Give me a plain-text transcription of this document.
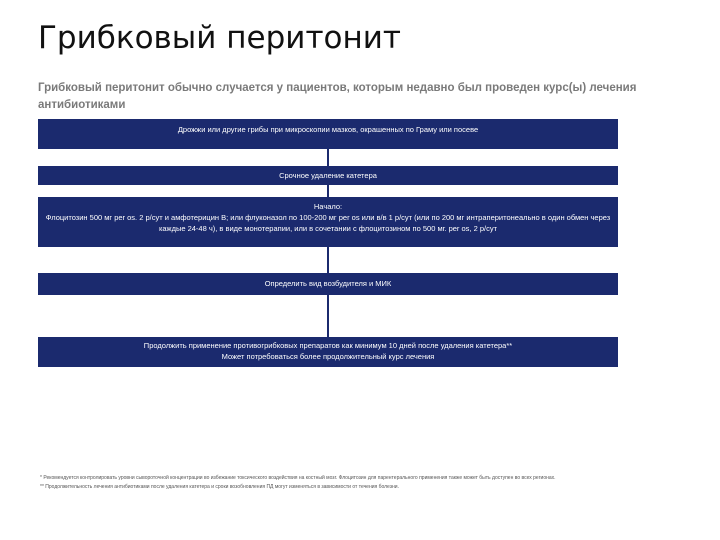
Грибковый перитонит
Грибковый перитонит обычно случается у пациентов, которым недавно был проведен курс(ы) лечения антибиотиками
Дрожжи или другие грибы при микроскопии мазков, окрашенных по Граму или посеве
Срочное удаление катетера
Начало:
Флоцитозин 500 мг per os. 2 р/сут и амфотерицин В; или флуконазол по 100-200 мг per os или в/в 1 р/сут (или по 200 мг интраперитонеально в один обмен через каждые 24-48 ч), в виде монотерапии, или в сочетании с флоцитозином по 500 мг. per os, 2 р/сут
Определить вид возбудителя и МИК
Продолжить применение противогрибковых препаратов как минимум 10 дней после удаления катетера**
Может потребоваться более продолжительный курс лечения
* Рекомендуется контролировать уровни сывороточной концентрации во избежание токсического воздействия на костный мозг. Флоцитозин для парентерального применения также может быть доступен во всех регионах.
** Продолжительность лечения антибиотиками после удаления катетера и сроки возобновления ПД могут изменяться в зависимости от течения болезни.
